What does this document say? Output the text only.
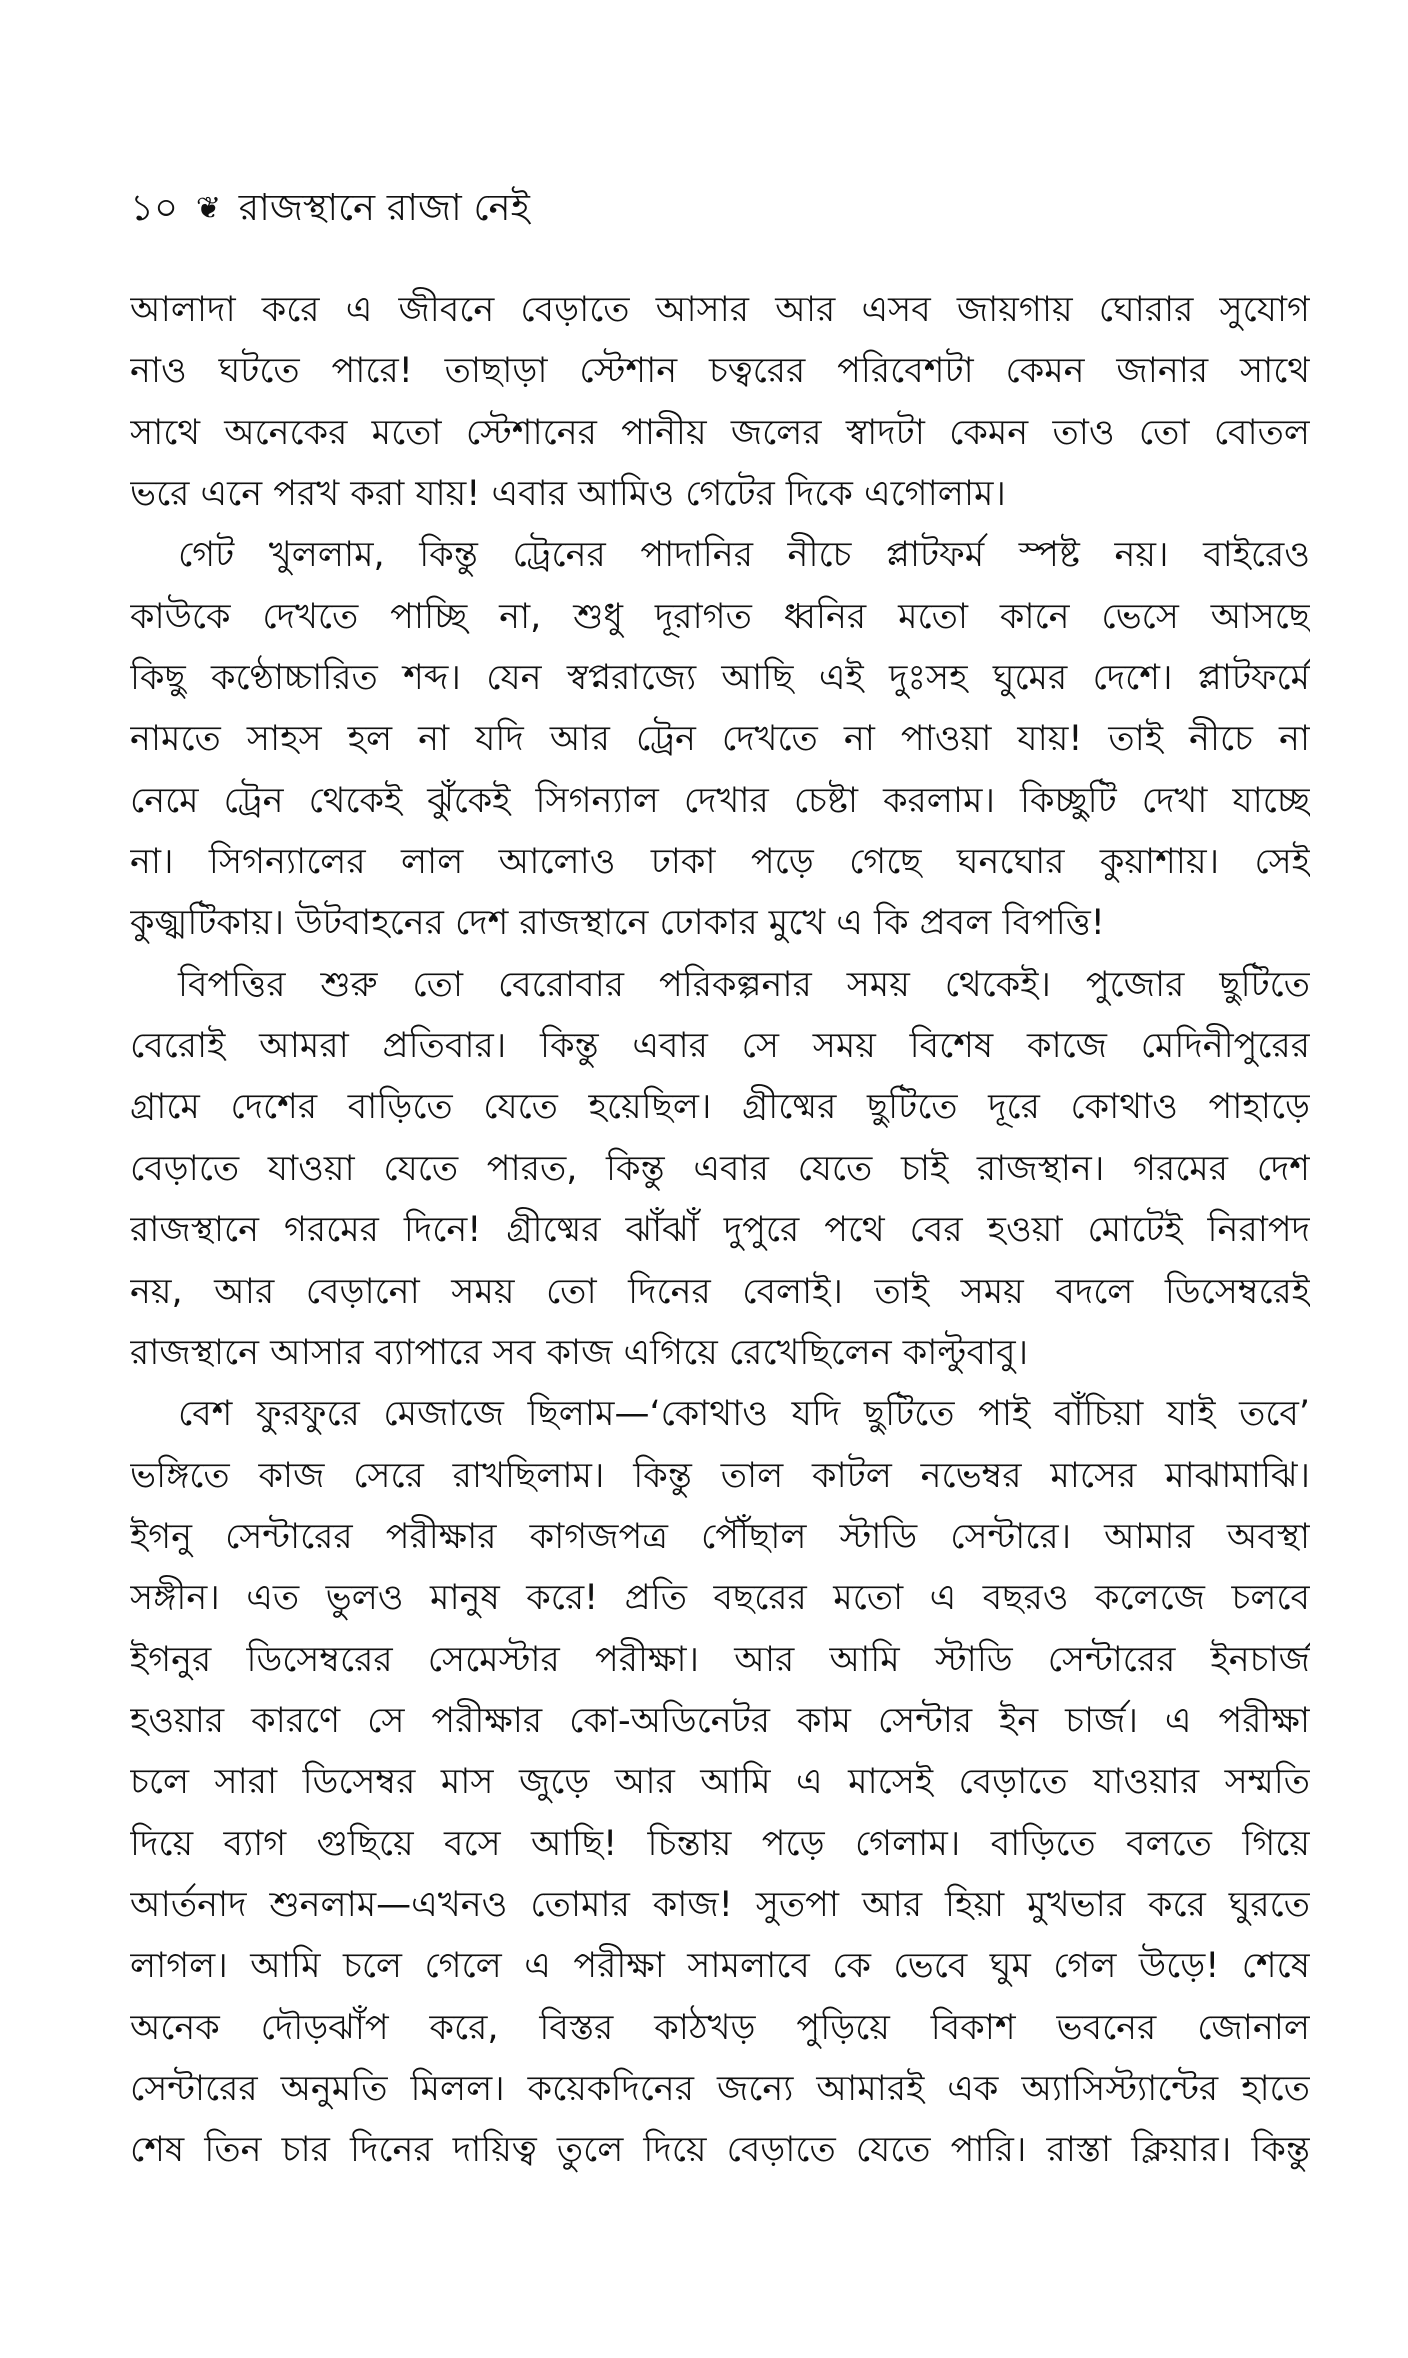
১০ ❦ রাজস্থানে রাজা নেই
আলাদা করে এ জীবনে বেড়াতে আসার আর এসব জায়গায় ঘোরার সুযোগ
নাও ঘটতে পারে! তাছাড়া স্টেশান চত্বরের পরিবেশটা কেমন জানার সাথে
সাথে অনেকের মতো স্টেশানের পানীয় জলের স্বাদটা কেমন তাও তো বোতল
ভরে এনে পরখ করা যায়! এবার আমিও গেটের দিকে এগোলাম।
গেট খুললাম, কিন্তু ট্রেনের পাদানির নীচে প্লাটফর্ম স্পষ্ট নয়। বাইরেও
কাউকে দেখতে পাচ্ছি না, শুধু দূরাগত ধ্বনির মতো কানে ভেসে আসছে
কিছু কণ্ঠোচ্চারিত শব্দ। যেন স্বপ্নরাজ্যে আছি এই দুঃসহ ঘুমের দেশে। প্লাটফর্মে
নামতে সাহস হল না যদি আর ট্রেন দেখতে না পাওয়া যায়! তাই নীচে না
নেমে ট্রেন থেকেই ঝুঁকেই সিগন্যাল দেখার চেষ্টা করলাম। কিচ্ছুটি দেখা যাচ্ছে
না। সিগন্যালের লাল আলোও ঢাকা পড়ে গেছে ঘনঘোর কুয়াশায়। সেই
কুজ্ঝটিকায়। উটবাহনের দেশ রাজস্থানে ঢোকার মুখে এ কি প্রবল বিপত্তি!
বিপত্তির শুরু তো বেরোবার পরিকল্পনার সময় থেকেই। পুজোর ছুটিতে
বেরোই আমরা প্রতিবার। কিন্তু এবার সে সময় বিশেষ কাজে মেদিনীপুরের
গ্রামে দেশের বাড়িতে যেতে হয়েছিল। গ্রীষ্মের ছুটিতে দূরে কোথাও পাহাড়ে
বেড়াতে যাওয়া যেতে পারত, কিন্তু এবার যেতে চাই রাজস্থান। গরমের দেশ
রাজস্থানে গরমের দিনে! গ্রীষ্মের ঝাঁঝাঁ দুপুরে পথে বের হওয়া মোটেই নিরাপদ
নয়, আর বেড়ানো সময় তো দিনের বেলাই। তাই সময় বদলে ডিসেম্বরেই
রাজস্থানে আসার ব্যাপারে সব কাজ এগিয়ে রেখেছিলেন কাল্টুবাবু।
বেশ ফুরফুরে মেজাজে ছিলাম—‘কোথাও যদি ছুটিতে পাই বাঁচিয়া যাই তবে’
ভঙ্গিতে কাজ সেরে রাখছিলাম। কিন্তু তাল কাটল নভেম্বর মাসের মাঝামাঝি।
ইগনু সেন্টারের পরীক্ষার কাগজপত্র পৌঁছাল স্টাডি সেন্টারে। আমার অবস্থা
সঙ্গীন। এত ভুলও মানুষ করে! প্রতি বছরের মতো এ বছরও কলেজে চলবে
ইগনুর ডিসেম্বরের সেমেস্টার পরীক্ষা। আর আমি স্টাডি সেন্টারের ইনচার্জ
হওয়ার কারণে সে পরীক্ষার কো-অডিনেটর কাম সেন্টার ইন চার্জ। এ পরীক্ষা
চলে সারা ডিসেম্বর মাস জুড়ে আর আমি এ মাসেই বেড়াতে যাওয়ার সম্মতি
দিয়ে ব্যাগ গুছিয়ে বসে আছি! চিন্তায় পড়ে গেলাম। বাড়িতে বলতে গিয়ে
আর্তনাদ শুনলাম—এখনও তোমার কাজ! সুতপা আর হিয়া মুখভার করে ঘুরতে
লাগল। আমি চলে গেলে এ পরীক্ষা সামলাবে কে ভেবে ঘুম গেল উড়ে! শেষে
অনেক দৌড়ঝাঁপ করে, বিস্তর কাঠখড় পুড়িয়ে বিকাশ ভবনের জোনাল
সেন্টারের অনুমতি মিলল। কয়েকদিনের জন্যে আমারই এক অ্যাসিস্ট্যান্টের হাতে
শেষ তিন চার দিনের দায়িত্ব তুলে দিয়ে বেড়াতে যেতে পারি। রাস্তা ক্লিয়ার। কিন্তু
